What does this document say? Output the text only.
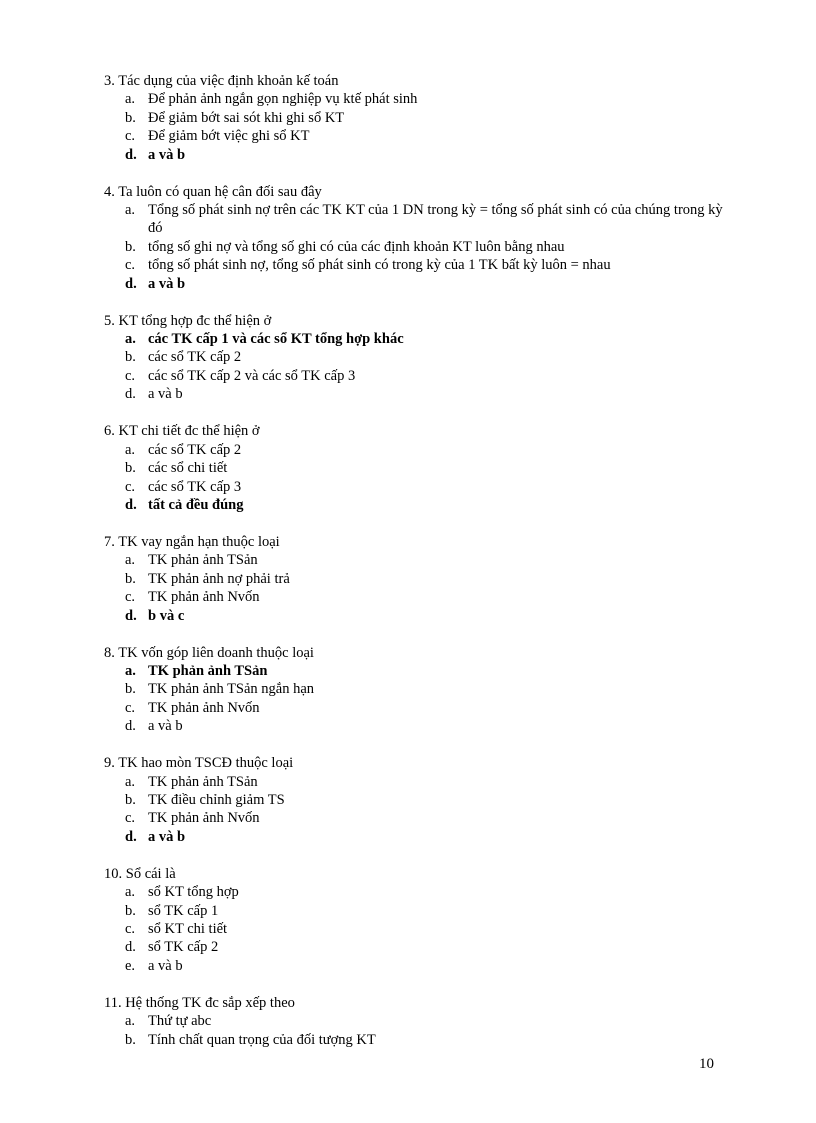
3. Tác dụng của việc định khoản kế toán
a. Để phản ảnh ngắn gọn nghiệp vụ ktế phát sinh
b. Để giảm bớt sai sót khi ghi sổ KT
c. Để giảm bớt việc ghi sổ KT
d. a và b
4. Ta luôn có quan hệ cân đối sau đây
a. Tổng số phát sinh nợ trên các TK KT của 1 DN trong kỳ = tổng số phát sinh có của chúng trong kỳ đó
b. tổng số ghi nợ và tổng số ghi có của các định khoản KT luôn bằng nhau
c. tổng số phát sinh nợ, tổng số phát sinh có trong kỳ của 1 TK bất kỳ luôn = nhau
d. a và b
5. KT tổng hợp đc thể hiện ở
a. các TK cấp 1 và các sổ KT tổng hợp khác
b. các sổ TK cấp 2
c. các sổ TK cấp 2 và các sổ TK cấp 3
d. a và b
6. KT chi tiết đc thể hiện ở
a. các sổ TK cấp 2
b. các sổ chi tiết
c. các sổ TK cấp 3
d. tất cả đều đúng
7. TK vay ngắn hạn thuộc loại
a. TK phản ảnh TSản
b. TK phản ảnh nợ phải trả
c. TK phản ảnh Nvốn
d. b và c
8. TK vốn góp liên doanh thuộc loại
a. TK phản ảnh TSản
b. TK phản ảnh TSản ngắn hạn
c. TK phản ảnh Nvốn
d. a và b
9. TK hao mòn TSCĐ thuộc loại
a. TK phản ảnh TSản
b. TK điều chỉnh giảm TS
c. TK phản ảnh Nvốn
d. a và b
10. Sổ cái là
a. sổ KT tổng hợp
b. sổ TK cấp 1
c. sổ KT chi tiết
d. sổ TK cấp 2
e. a và b
11. Hệ thống TK đc sắp xếp theo
a. Thứ tự abc
b. Tính chất quan trọng của đối tượng KT
10
